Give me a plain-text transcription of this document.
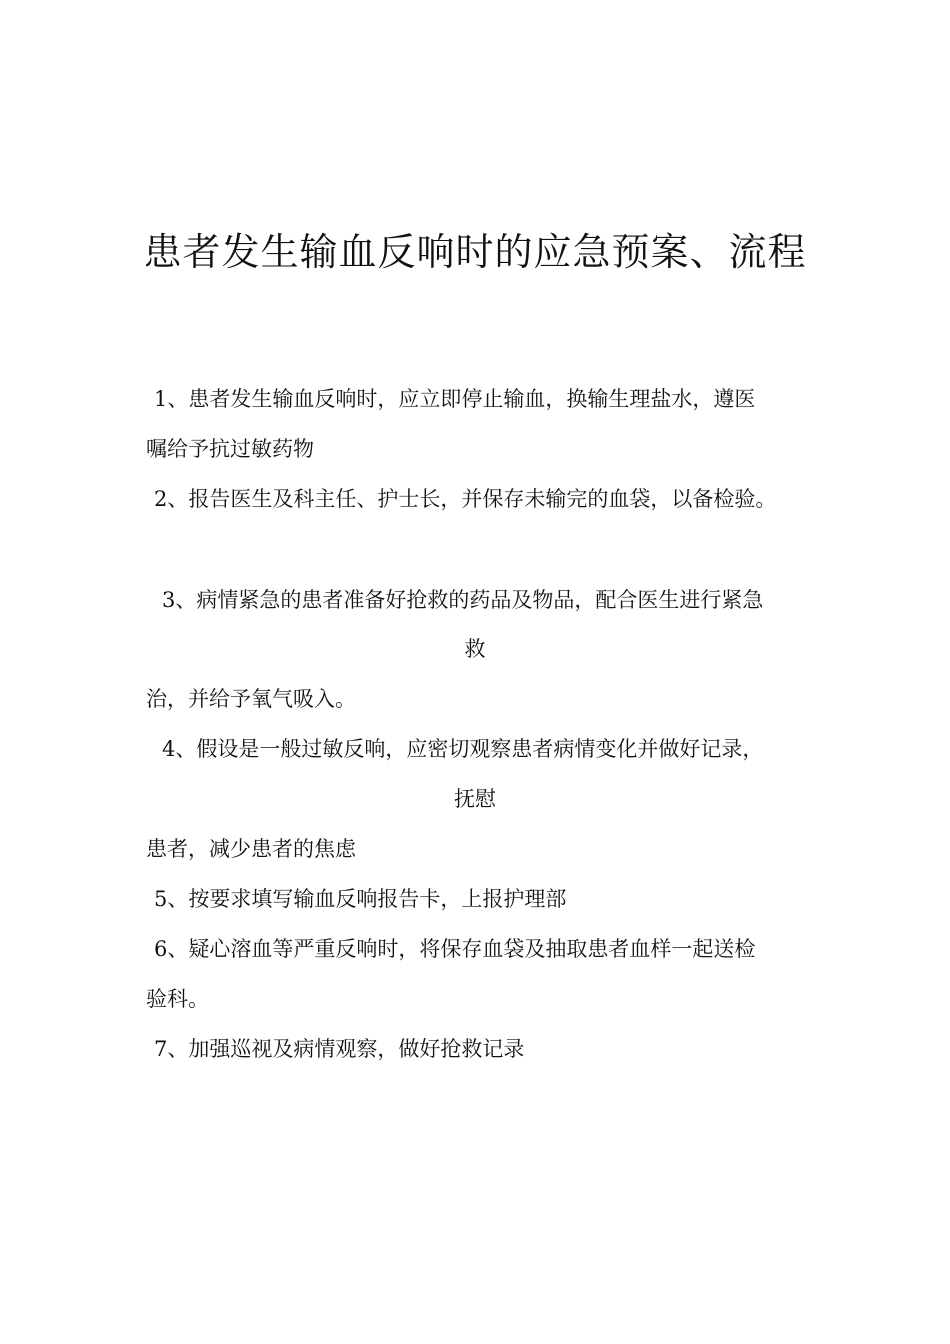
患者发生输血反响时的应急预案、流程
1、患者发生输血反响时，应立即停止输血，换输生理盐水，遵医
嘱给予抗过敏药物
2、报告医生及科主任、护士长，并保存未输完的血袋，以备检验。
3、病情紧急的患者准备好抢救的药品及物品，配合医生进行紧急
救
治，并给予氧气吸入。
4、假设是一般过敏反响，应密切观察患者病情变化并做好记录，
抚慰
患者，减少患者的焦虑
5、按要求填写输血反响报告卡，上报护理部
6、疑心溶血等严重反响时，将保存血袋及抽取患者血样一起送检
验科。
7、加强巡视及病情观察，做好抢救记录
